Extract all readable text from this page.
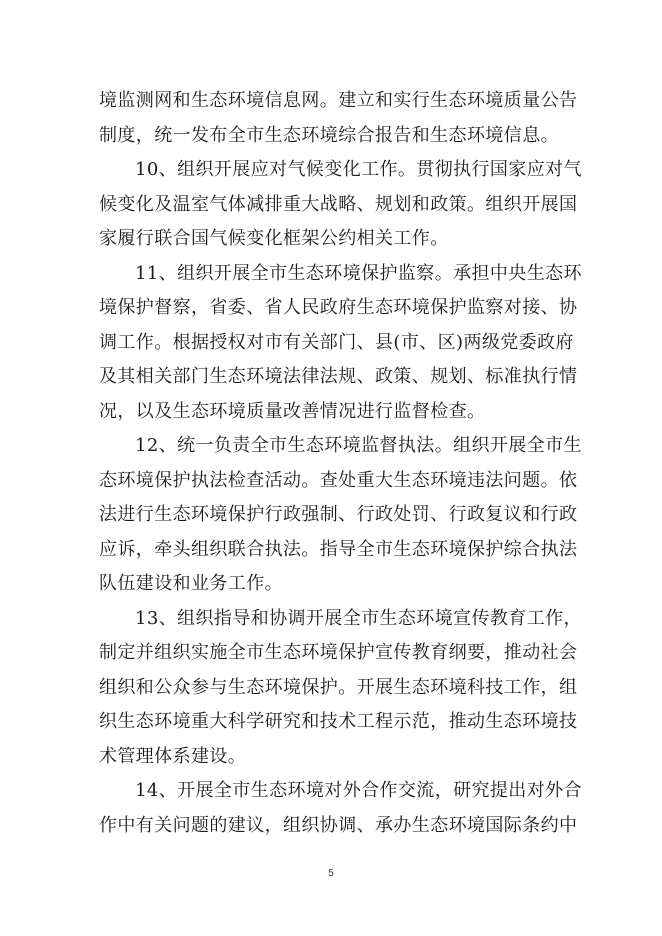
境监测网和生态环境信息网。建立和实行生态环境质量公告
制度，统一发布全市生态环境综合报告和生态环境信息。
10、组织开展应对气候变化工作。贯彻执行国家应对气
候变化及温室气体减排重大战略、规划和政策。组织开展国
家履行联合国气候变化框架公约相关工作。
11、组织开展全市生态环境保护监察。承担中央生态环
境保护督察，省委、省人民政府生态环境保护监察对接、协
调工作。根据授权对市有关部门、县(市、区)两级党委政府
及其相关部门生态环境法律法规、政策、规划、标准执行情
况，以及生态环境质量改善情况进行监督检查。
12、统一负责全市生态环境监督执法。组织开展全市生
态环境保护执法检查活动。查处重大生态环境违法问题。依
法进行生态环境保护行政强制、行政处罚、行政复议和行政
应诉，牵头组织联合执法。指导全市生态环境保护综合执法
队伍建设和业务工作。
13、组织指导和协调开展全市生态环境宣传教育工作，
制定并组织实施全市生态环境保护宣传教育纲要，推动社会
组织和公众参与生态环境保护。开展生态环境科技工作，组
织生态环境重大科学研究和技术工程示范，推动生态环境技
术管理体系建设。
14、开展全市生态环境对外合作交流，研究提出对外合
作中有关问题的建议，组织协调、承办生态环境国际条约中
5
